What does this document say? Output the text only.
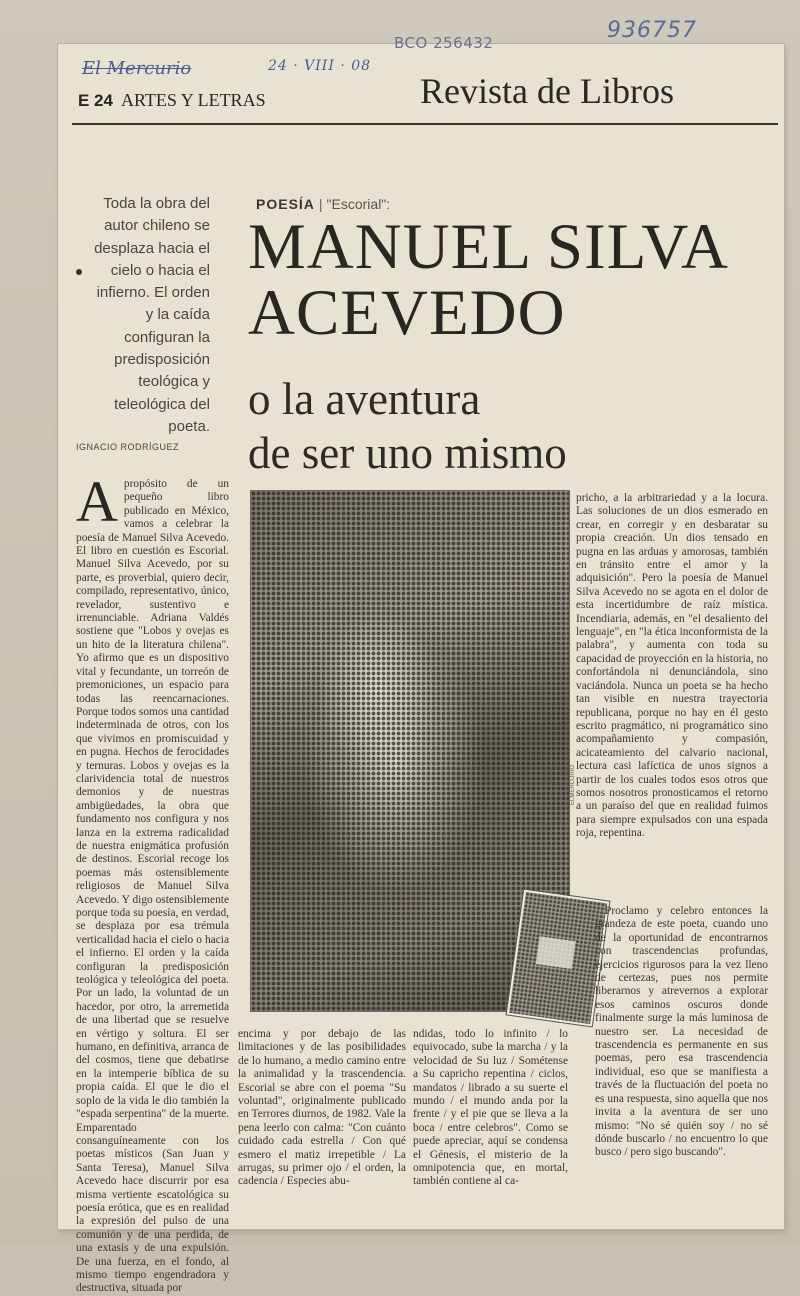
936757
BCO 256432
El Mercurio	24 · VIII · 08
E 24 ARTES Y LETRAS	Revista de Libros
Toda la obra del autor chileno se desplaza hacia el cielo o hacia el infierno. El orden y la caída configuran la predisposición teológica y teleológica del poeta.
POESÍA | "Escorial":
MANUEL SILVA
ACEVEDO
o la aventura
de ser uno mismo
IGNACIO RODRÍGUEZ
A propósito de un pequeño libro publicado en México, vamos a celebrar la poesía de Manuel Silva Acevedo. El libro en cuestión es Escorial. Manuel Silva Acevedo, por su parte, es proverbial, quiero decir, compilado, representativo, único, revelador, sustentivo e irrenunciable. Adriana Valdés sostiene que "Lobos y ovejas es un hito de la literatura chilena". Yo afirmo que es un dispositivo vital y fecundante, un torreón de premoniciones, un espacio para todas las reencarnaciones. Porque todos somos una cantidad indeterminada de otros, con los que vivimos en promiscuidad y en pugna. Hechos de ferocidades y ternuras. Lobos y ovejas es la clarividencia total de nuestros demonios y de nuestras ambigüedades, la obra que fundamento nos configura y nos lanza en la extrema radicalidad de nuestra enigmática profusión de destinos. Escorial recoge los poemas más ostensiblemente religiosos de Manuel Silva Acevedo. Y digo ostensiblemente porque toda su poesía, en verdad, se desplaza por esa trémula verticalidad hacia el cielo o hacia el infierno. El orden y la caída configuran la predisposición teológica y teleológica del poeta. Por un lado, la voluntad de un hacedor, por otro, la arremetida de una libertad que se resuelve en vértigo y soltura. El ser humano, en definitiva, arranca de del cosmos, tiene que debatirse en la intemperie bíblica de su propia caída. El que le dio el soplo de la vida le dio también la "espada serpentina" de la muerte. Emparentado consanguíneamente con los poetas místicos (San Juan y Santa Teresa), Manuel Silva Acevedo hace discurrir por esa misma vertiente escatológica su poesía erótica, que es en realidad la expresión del pulso de una comunión y de una perdida, de una extasis y de una expulsión. De una fuerza, en el fondo, al mismo tiempo engendradora y destructiva, situada por

ELMERCURIO

encima y por debajo de las limitaciones y de las posibilidades de lo humano, a medio camino entre la animalidad y la trascendencia. Escorial se abre con el poema "Su voluntad", originalmente publicado en Terrores diurnos, de 1982. Vale la pena leerlo con calma: "Con cuánto cuidado cada estrella / Con qué esmero el matiz irrepetible / La arrugas, su primer ojo / el orden, la cadencia / Especies abu-

ndidas, todo lo infinito / lo equivocado, sube la marcha / y la velocidad de Su luz / Sométense a Su capricho repentina / ciclos, mandatos / librado a su suerte el mundo / el mundo anda por la frente / y el pie que se lleva a la boca / entre celebros". Como se puede apreciar, aquí se condensa el Génesis, el misterio de la omnipotencia que, en mortal, también contiene al ca-

pricho, a la arbitrariedad y a la locura. Las soluciones de un dios esmerado en crear, en corregir y en desbaratar su propia creación. Un dios tensado en pugna en las arduas y amorosas, también en tránsito entre el amor y la adquisición". Pero la poesía de Manuel Silva Acevedo no se agota en el dolor de esta incertidumbre de raíz mística. Incendiaria, además, en "el desaliento del lenguaje", en "la ética inconformista de la palabra", y aumenta con toda su capacidad de proyección en la historia, no confortándola ni denunciándola, sino vaciándola. Nunca un poeta se ha hecho tan visible en nuestra trayectoria republicana, porque no hay en él gesto escrito pragmático, ni programático sino acompañamiento y compasión, acicateamiento del calvario nacional, lectura casi lafíctica de unos signos a partir de los cuales todos esos otros que somos nosotros pronosticamos el retorno a un paraíso del que en realidad fuimos para siempre expulsados con una espada roja, repentina.

Proclamo y celebro entonces la grandeza de este poeta, cuando uno de la oportunidad de encontrarnos con trascendencias profundas, ejercicios rigurosos para la vez lleno de certezas, pues nos permite liberarnos y atrevernos a explorar esos caminos oscuros donde finalmente surge la más luminosa de nuestro ser. La necesidad de trascendencia es permanente en sus poemas, pero esa trascendencia individual, eso que se manifiesta a través de la fluctuación del poeta no es una respuesta, sino aquella que nos invita a la aventura de ser uno mismo: "No sé quién soy / no sé dónde buscarlo / no encuentro lo que busco / pero sigo buscando".
